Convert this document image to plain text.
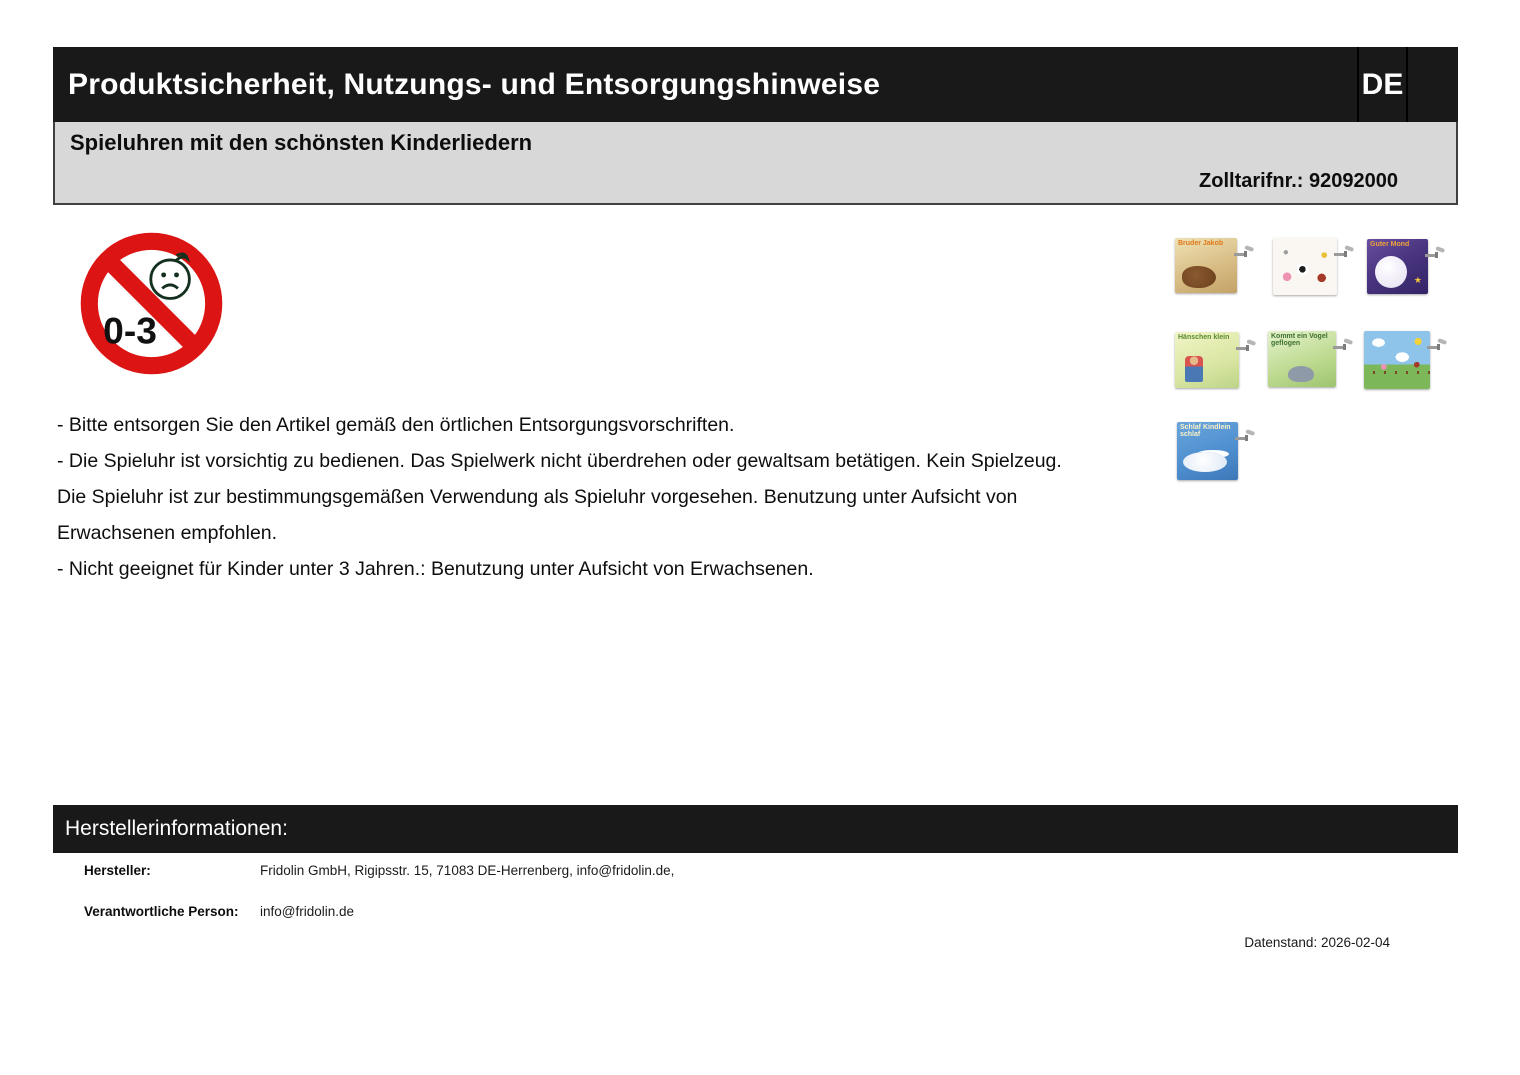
Produktsicherheit, Nutzungs- und Entsorgungshinweise	DE
Spieluhren mit den schönsten Kinderliedern
Zolltarifnr.: 92092000
0-3
Bruder Jakob	Guter Mond
★
Hänschen klein	Kommt ein Vogel geflogen
Schlaf Kindlein schlaf

- Bitte entsorgen Sie den Artikel gemäß den örtlichen Entsorgungsvorschriften.

- Die Spieluhr ist vorsichtig zu bedienen. Das Spielwerk nicht überdrehen oder gewaltsam betätigen. Kein Spielzeug. Die Spieluhr ist zur bestimmungsgemäßen Verwendung als Spieluhr vorgesehen. Benutzung unter Aufsicht von Erwachsenen empfohlen.

- Nicht geeignet für Kinder unter 3 Jahren.: Benutzung unter Aufsicht von Erwachsenen.

Herstellerinformationen:
Hersteller:	Fridolin GmbH, Rigipsstr. 15, 71083 DE-Herrenberg, info@fridolin.de,
Verantwortliche Person: info@fridolin.de
Datenstand: 2026-02-04
